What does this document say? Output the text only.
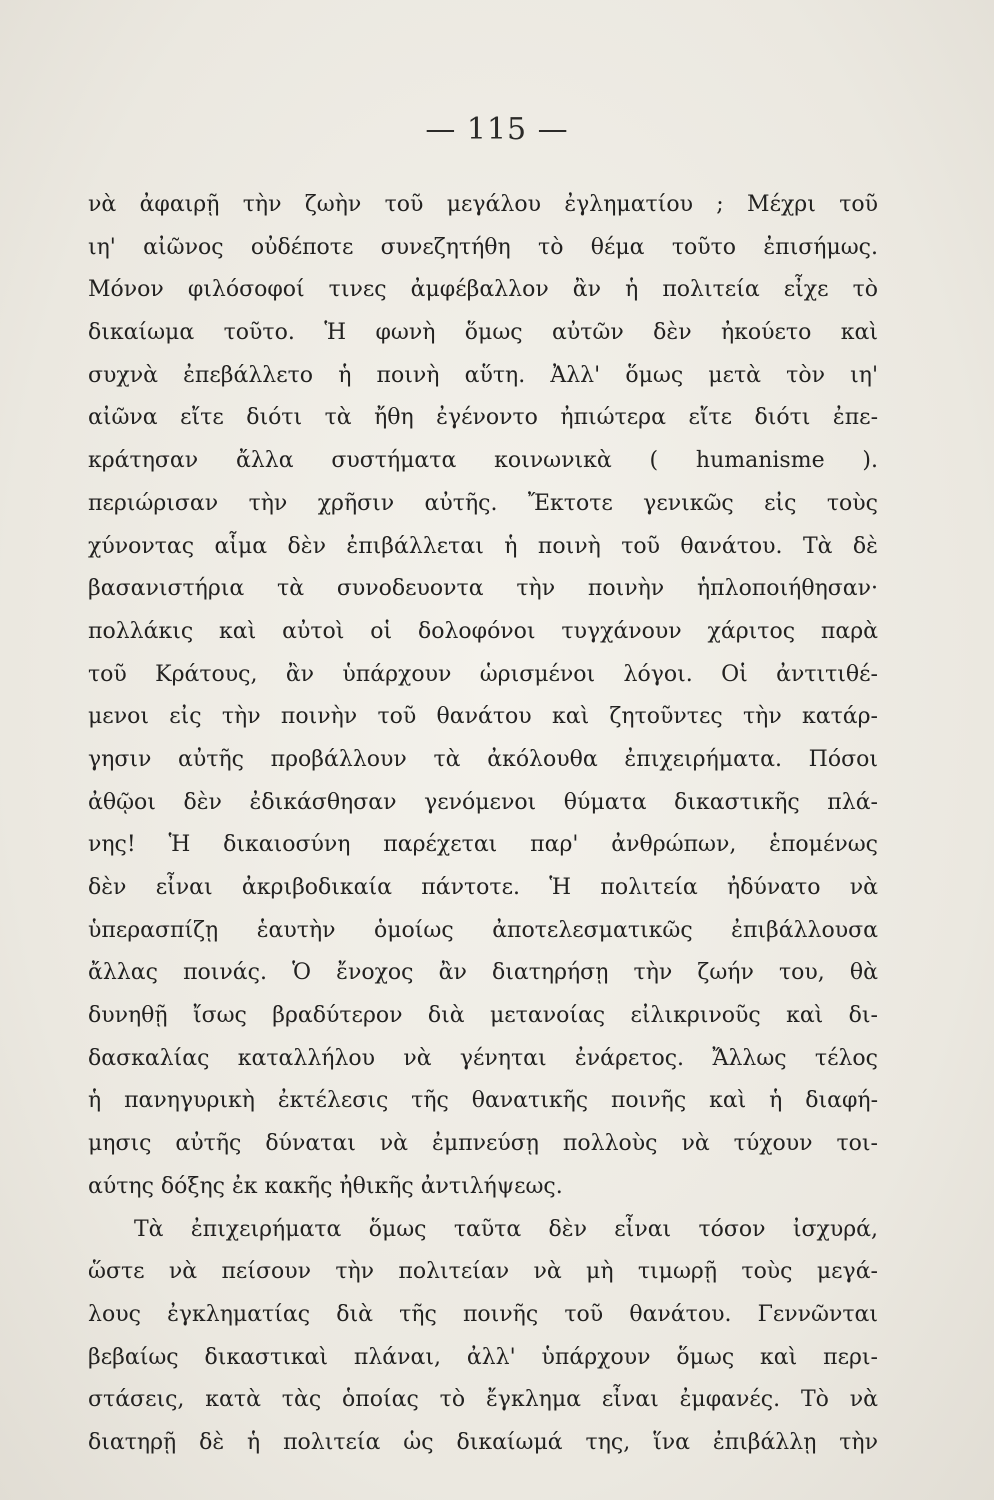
— 115 —
νὰ ἀφαιρῇ τὴν ζωὴν τοῦ μεγάλου ἐγληματίου ; Μέχρι τοῦ
ιη' αἰῶνος οὐδέποτε συνεζητήθη τὸ θέμα τοῦτο ἐπισήμως.
Μόνον φιλόσοφοί τινες ἀμφέβαλλον ἂν ἡ πολιτεία εἶχε τὸ
δικαίωμα τοῦτο. Ἡ φωνὴ ὅμως αὐτῶν δὲν ἠκούετο καὶ
συχνὰ ἐπεβάλλετο ἡ ποινὴ αὕτη. Ἀλλ' ὅμως μετὰ τὸν ιη'
αἰῶνα εἴτε διότι τὰ ἤθη ἐγένοντο ἠπιώτερα εἴτε διότι ἐπε-
κράτησαν ἄλλα συστήματα κοινωνικὰ ( humanisme ).
περιώρισαν τὴν χρῆσιν αὐτῆς. Ἔκτοτε γενικῶς εἰς τοὺς
χύνοντας αἷμα δὲν ἐπιβάλλεται ἡ ποινὴ τοῦ θανάτου. Τὰ δὲ
βασανιστήρια τὰ συνοδευοντα τὴν ποινὴν ἡπλοποιήθησαν·
πολλάκις καὶ αὐτοὶ οἱ δολοφόνοι τυγχάνουν χάριτος παρὰ
τοῦ Κράτους, ἂν ὑπάρχουν ὡρισμένοι λόγοι. Οἱ ἀντιτιθέ-
μενοι εἰς τὴν ποινὴν τοῦ θανάτου καὶ ζητοῦντες τὴν κατάρ-
γησιν αὐτῆς προβάλλουν τὰ ἀκόλουθα ἐπιχειρήματα. Πόσοι
ἀθῷοι δὲν ἐδικάσθησαν γενόμενοι θύματα δικαστικῆς πλά-
νης! Ἡ δικαιοσύνη παρέχεται παρ' ἀνθρώπων, ἑπομένως
δὲν εἶναι ἀκριβοδικαία πάντοτε. Ἡ πολιτεία ἠδύνατο νὰ
ὑπερασπίζῃ ἑαυτὴν ὁμοίως ἀποτελεσματικῶς ἐπιβάλλουσα
ἄλλας ποινάς. Ὁ ἔνοχος ἂν διατηρήσῃ τὴν ζωήν του, θὰ
δυνηθῇ ἴσως βραδύτερον διὰ μετανοίας εἰλικρινοῦς καὶ δι-
δασκαλίας καταλλήλου νὰ γένηται ἐνάρετος. Ἄλλως τέλος
ἡ πανηγυρικὴ ἐκτέλεσις τῆς θανατικῆς ποινῆς καὶ ἡ διαφή-
μησις αὐτῆς δύναται νὰ ἐμπνεύσῃ πολλοὺς νὰ τύχουν τοι-
αύτης δόξης ἐκ κακῆς ἠθικῆς ἀντιλήψεως.
Τὰ ἐπιχειρήματα ὅμως ταῦτα δὲν εἶναι τόσον ἰσχυρά,
ὥστε νὰ πείσουν τὴν πολιτείαν νὰ μὴ τιμωρῇ τοὺς μεγά-
λους ἐγκληματίας διὰ τῆς ποινῆς τοῦ θανάτου. Γεννῶνται
βεβαίως δικαστικαὶ πλάναι, ἀλλ' ὑπάρχουν ὅμως καὶ περι-
στάσεις, κατὰ τὰς ὁποίας τὸ ἔγκλημα εἶναι ἐμφανές. Τὸ νὰ
διατηρῇ δὲ ἡ πολιτεία ὡς δικαίωμά της, ἵνα ἐπιβάλλῃ τὴν
